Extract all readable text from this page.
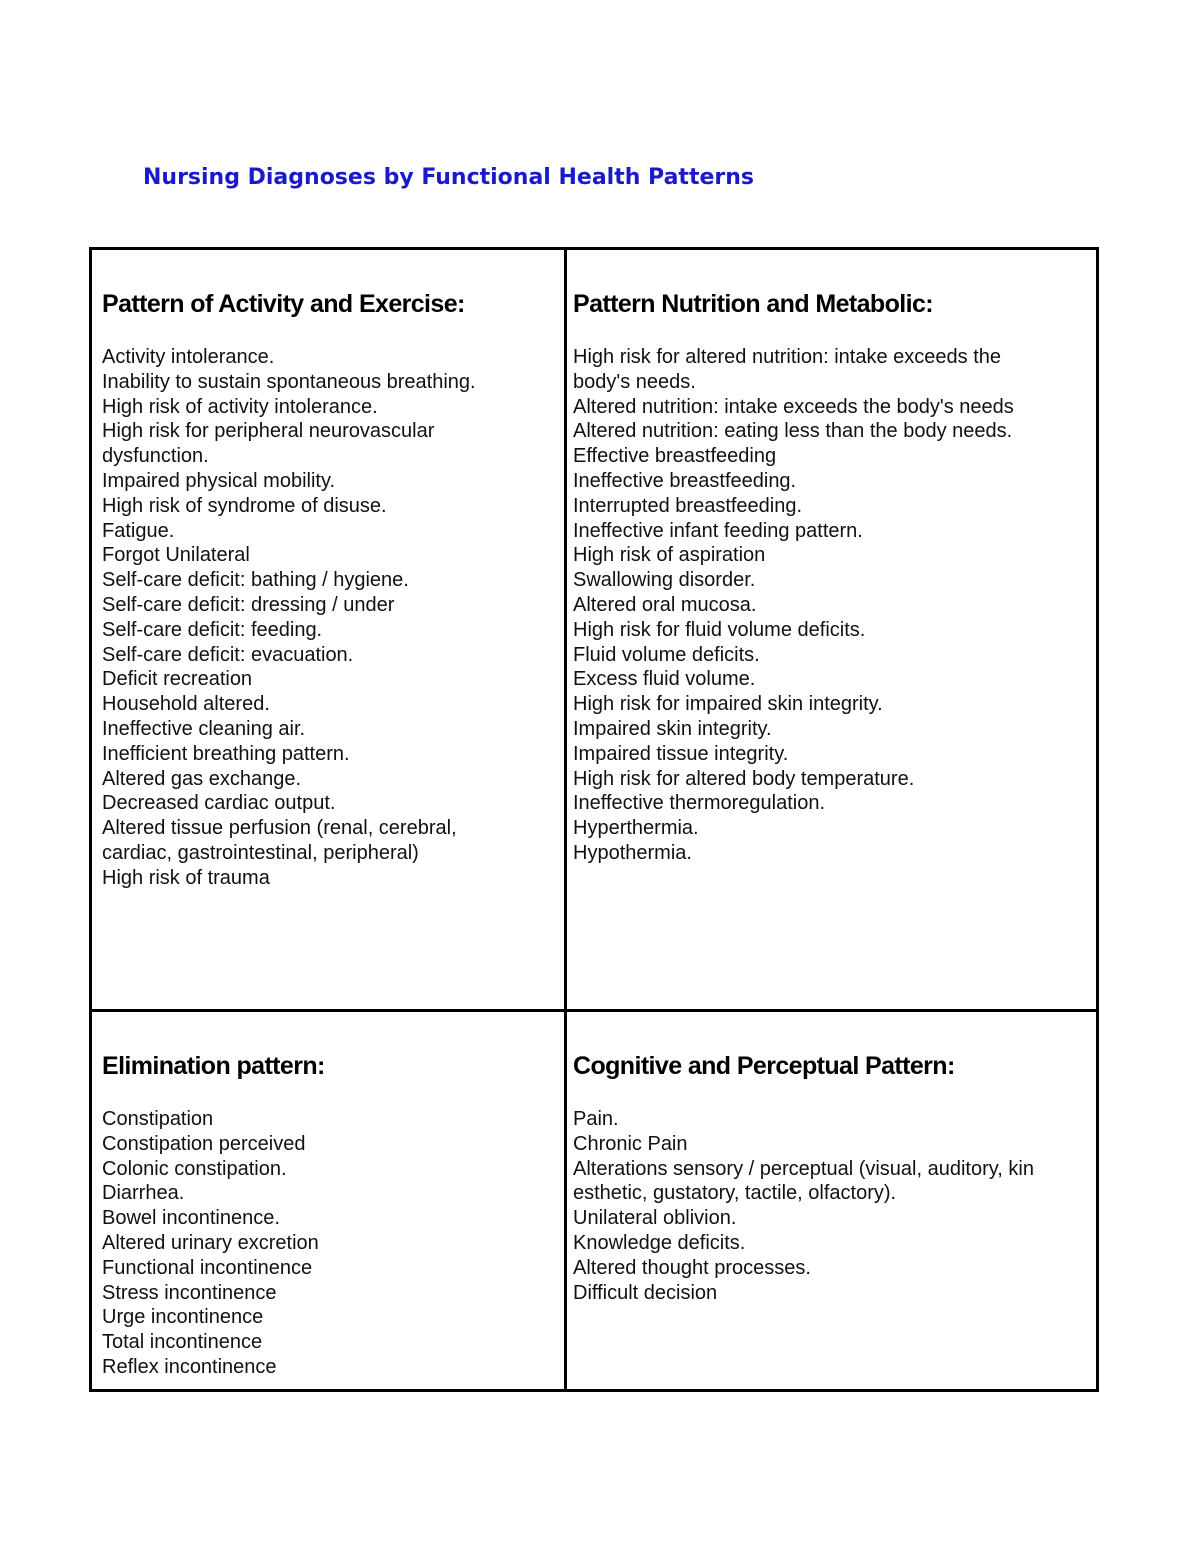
Nursing Diagnoses by Functional Health Patterns
Pattern of Activity and Exercise:
Activity intolerance.
Inability to sustain spontaneous breathing.
High risk of activity intolerance.
High risk for peripheral neurovascular
dysfunction.
Impaired physical mobility.
High risk of syndrome of disuse.
Fatigue.
Forgot Unilateral
Self-care deficit: bathing / hygiene.
Self-care deficit: dressing / under
Self-care deficit: feeding.
Self-care deficit: evacuation.
Deficit recreation
Household altered.
Ineffective cleaning air.
Inefficient breathing pattern.
Altered gas exchange.
Decreased cardiac output.
Altered tissue perfusion (renal, cerebral,
cardiac, gastrointestinal, peripheral)
High risk of trauma
Pattern Nutrition and Metabolic:
High risk for altered nutrition: intake exceeds the
body's needs.
Altered nutrition: intake exceeds the body's needs
Altered nutrition: eating less than the body needs.
Effective breastfeeding
Ineffective breastfeeding.
Interrupted breastfeeding.
Ineffective infant feeding pattern.
High risk of aspiration
Swallowing disorder.
Altered oral mucosa.
High risk for fluid volume deficits.
Fluid volume deficits.
Excess fluid volume.
High risk for impaired skin integrity.
Impaired skin integrity.
Impaired tissue integrity.
High risk for altered body temperature.
Ineffective thermoregulation.
Hyperthermia.
Hypothermia.
Elimination pattern:
Constipation
Constipation perceived
Colonic constipation.
Diarrhea.
Bowel incontinence.
Altered urinary excretion
Functional incontinence
Stress incontinence
Urge incontinence
Total incontinence
Reflex incontinence
Cognitive and Perceptual Pattern:
Pain.
Chronic Pain
Alterations sensory / perceptual (visual, auditory, kin
esthetic, gustatory, tactile, olfactory).
Unilateral oblivion.
Knowledge deficits.
Altered thought processes.
Difficult decision
